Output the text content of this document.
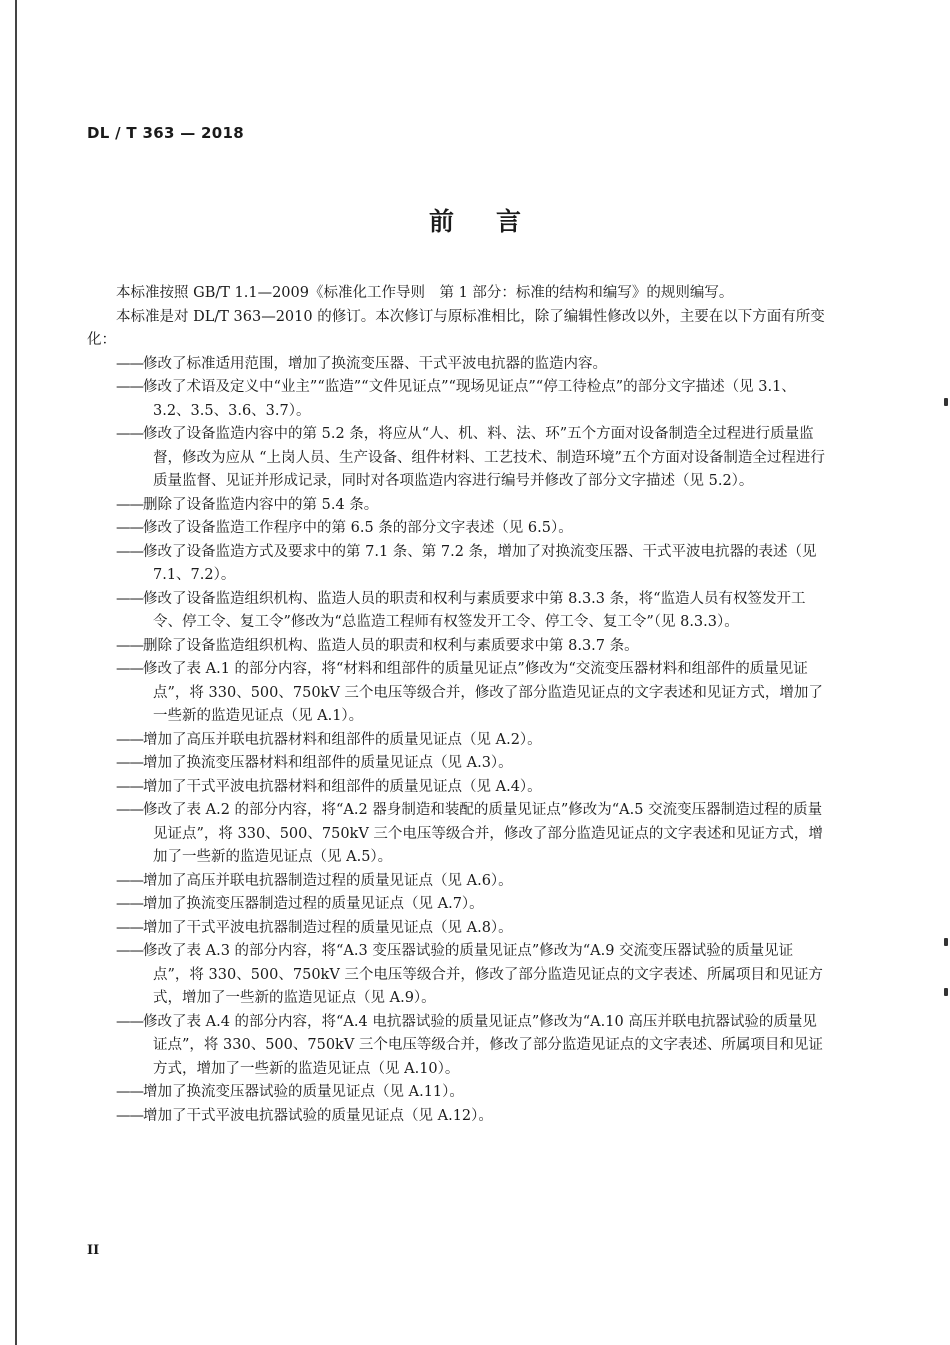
DL / T 363 — 2018
前言

本标准按照 GB/T 1.1—2009《标准化工作导则　第 1 部分：标准的结构和编写》的规则编写。

本标准是对 DL/T 363—2010 的修订。本次修订与原标准相比，除了编辑性修改以外，主要在以下方面有所变化：

——修改了标准适用范围，增加了换流变压器、干式平波电抗器的监造内容。

——修改了术语及定义中“业主”“监造”“文件见证点”“现场见证点”“停工待检点”的部分文字描述（见 3.1、3.2、3.5、3.6、3.7）。

——修改了设备监造内容中的第 5.2 条，将应从“人、机、料、法、环”五个方面对设备制造全过程进行质量监督，修改为应从 “上岗人员、生产设备、组件材料、工艺技术、制造环境”五个方面对设备制造全过程进行质量监督、见证并形成记录，同时对各项监造内容进行编号并修改了部分文字描述（见 5.2）。

——删除了设备监造内容中的第 5.4 条。

——修改了设备监造工作程序中的第 6.5 条的部分文字表述（见 6.5）。

——修改了设备监造方式及要求中的第 7.1 条、第 7.2 条，增加了对换流变压器、干式平波电抗器的表述（见 7.1、7.2）。

——修改了设备监造组织机构、监造人员的职责和权利与素质要求中第 8.3.3 条，将“监造人员有权签发开工令、停工令、复工令”修改为“总监造工程师有权签发开工令、停工令、复工令”（见 8.3.3）。

——删除了设备监造组织机构、监造人员的职责和权利与素质要求中第 8.3.7 条。

——修改了表 A.1 的部分内容，将“材料和组部件的质量见证点”修改为“交流变压器材料和组部件的质量见证点”，将 330、500、750kV 三个电压等级合并，修改了部分监造见证点的文字表述和见证方式，增加了一些新的监造见证点（见 A.1）。

——增加了高压并联电抗器材料和组部件的质量见证点（见 A.2）。

——增加了换流变压器材料和组部件的质量见证点（见 A.3）。

——增加了干式平波电抗器材料和组部件的质量见证点（见 A.4）。

——修改了表 A.2 的部分内容，将“A.2 器身制造和装配的质量见证点”修改为“A.5 交流变压器制造过程的质量见证点”，将 330、500、750kV 三个电压等级合并，修改了部分监造见证点的文字表述和见证方式，增加了一些新的监造见证点（见 A.5）。

——增加了高压并联电抗器制造过程的质量见证点（见 A.6）。

——增加了换流变压器制造过程的质量见证点（见 A.7）。

——增加了干式平波电抗器制造过程的质量见证点（见 A.8）。

——修改了表 A.3 的部分内容，将“A.3 变压器试验的质量见证点”修改为“A.9 交流变压器试验的质量见证点”，将 330、500、750kV 三个电压等级合并，修改了部分监造见证点的文字表述、所属项目和见证方式，增加了一些新的监造见证点（见 A.9）。

——修改了表 A.4 的部分内容，将“A.4 电抗器试验的质量见证点”修改为“A.10 高压并联电抗器试验的质量见证点”，将 330、500、750kV 三个电压等级合并，修改了部分监造见证点的文字表述、所属项目和见证方式，增加了一些新的监造见证点（见 A.10）。

——增加了换流变压器试验的质量见证点（见 A.11）。

——增加了干式平波电抗器试验的质量见证点（见 A.12）。

II
